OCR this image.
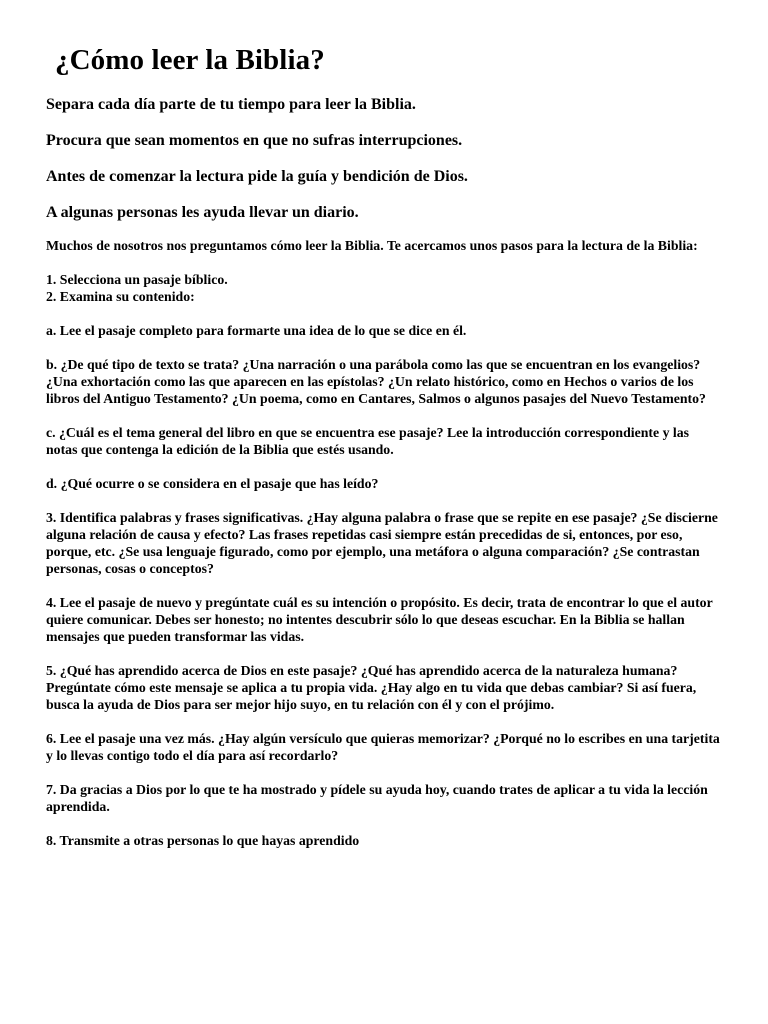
¿Cómo leer la Biblia?

Separa cada día parte de tu tiempo para leer la Biblia.

Procura que sean momentos en que no sufras interrupciones.

Antes de comenzar la lectura pide la guía y bendición de Dios.

A algunas personas les ayuda llevar un diario.

Muchos de nosotros nos preguntamos cómo leer la Biblia. Te acercamos unos pasos para la lectura de la Biblia:

1. Selecciona un pasaje bíblico.

2. Examina su contenido:

a. Lee el pasaje completo para formarte una idea de lo que se dice en él.

b. ¿De qué tipo de texto se trata? ¿Una narración o una parábola como las que se encuentran en los evangelios? ¿Una exhortación como las que aparecen en las epístolas? ¿Un relato histórico, como en Hechos o varios de los libros del Antiguo Testamento? ¿Un poema, como en Cantares, Salmos o algunos pasajes del Nuevo Testamento?

c. ¿Cuál es el tema general del libro en que se encuentra ese pasaje? Lee la introducción correspondiente y las notas que contenga la edición de la Biblia que estés usando.

d. ¿Qué ocurre o se considera en el pasaje que has leído?

3. Identifica palabras y frases significativas. ¿Hay alguna palabra o frase que se repite en ese pasaje? ¿Se discierne alguna relación de causa y efecto? Las frases repetidas casi siempre están precedidas de si, entonces, por eso, porque, etc. ¿Se usa lenguaje figurado, como por ejemplo, una metáfora o alguna comparación? ¿Se contrastan personas, cosas o conceptos?

4. Lee el pasaje de nuevo y pregúntate cuál es su intención o propósito. Es decir, trata de encontrar lo que el autor quiere comunicar. Debes ser honesto; no intentes descubrir sólo lo que deseas escuchar. En la Biblia se hallan mensajes que pueden transformar las vidas.

5. ¿Qué has aprendido acerca de Dios en este pasaje? ¿Qué has aprendido acerca de la naturaleza humana? Pregúntate cómo este mensaje se aplica a tu propia vida. ¿Hay algo en tu vida que debas cambiar? Si así fuera, busca la ayuda de Dios para ser mejor hijo suyo, en tu relación con él y con el prójimo.

6. Lee el pasaje una vez más. ¿Hay algún versículo que quieras memorizar? ¿Porqué no lo escribes en una tarjetita y lo llevas contigo todo el día para así recordarlo?

7. Da gracias a Dios por lo que te ha mostrado y pídele su ayuda hoy, cuando trates de aplicar a tu vida la lección aprendida.

8. Transmite a otras personas lo que hayas aprendido
